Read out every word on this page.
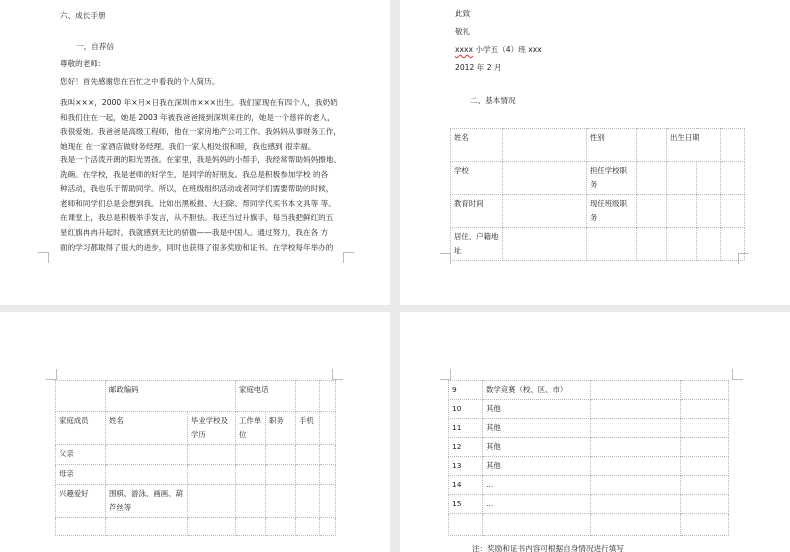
六、成长手册
一、自荐信
尊敬的老师:
您好！首先感谢您在百忙之中看我的个人简历。
我叫×××，2000 年×月×日我在深圳市×××出生。我们家现在有四个人，我奶奶
和我们住在一起，她是 2003 年被我爸爸接到深圳来住的，她是一个慈祥的老人，
我很爱她。我爸爸是高级工程师，他在一家房地产公司工作。我妈妈从事财务工作，
她现在 在一家酒店做财务经理。我们一家人相处很和睦，我也感到 很幸福。
我是一个活泼开朗的阳光男孩。在家里，我是妈妈的小帮手，我经常帮助妈妈擦地、
洗碗。在学校，我是老师的好学生，是同学的好朋友。我总是积极参加学校 的各
种活动，我也乐于帮助同学。所以，在班级组织活动或者同学们需要帮助的时候，
老师和同学们总是会想到我。比如出黑板报、大扫除、帮同学代买书本文具等 等。
在课堂上，我总是积极举手发言，从不胆怯。我还当过升旗手，每当我把鲜红的五
星红旗冉冉升起时，我就感到无比的骄傲——我是中国人。通过努力，我在各 方
面的学习都取得了很大的进步，同时也获得了很多奖励和证书。在学校每年举办的
此致
敬礼
xxxx 小学五（4）班 xxx
2012 年 2 月
二、基本情况
姓名		性别		出生日期		
学校		担任学校职务				
教育时间		现任班级职务				
居住、户籍地址						
	邮政编码		家庭电话			
家庭成员	姓名	毕业学校及学历	工作单位	职务	手机	
父亲						
母亲						
兴趣爱好	围棋、游泳、画画、葫芦丝等					

9	数学竞赛（校、区、市）		
10	其他		
11	其他		
12	其他		
13	其他		
14	...		
15	...		

注：奖励和证书内容可根据自身情况进行填写
